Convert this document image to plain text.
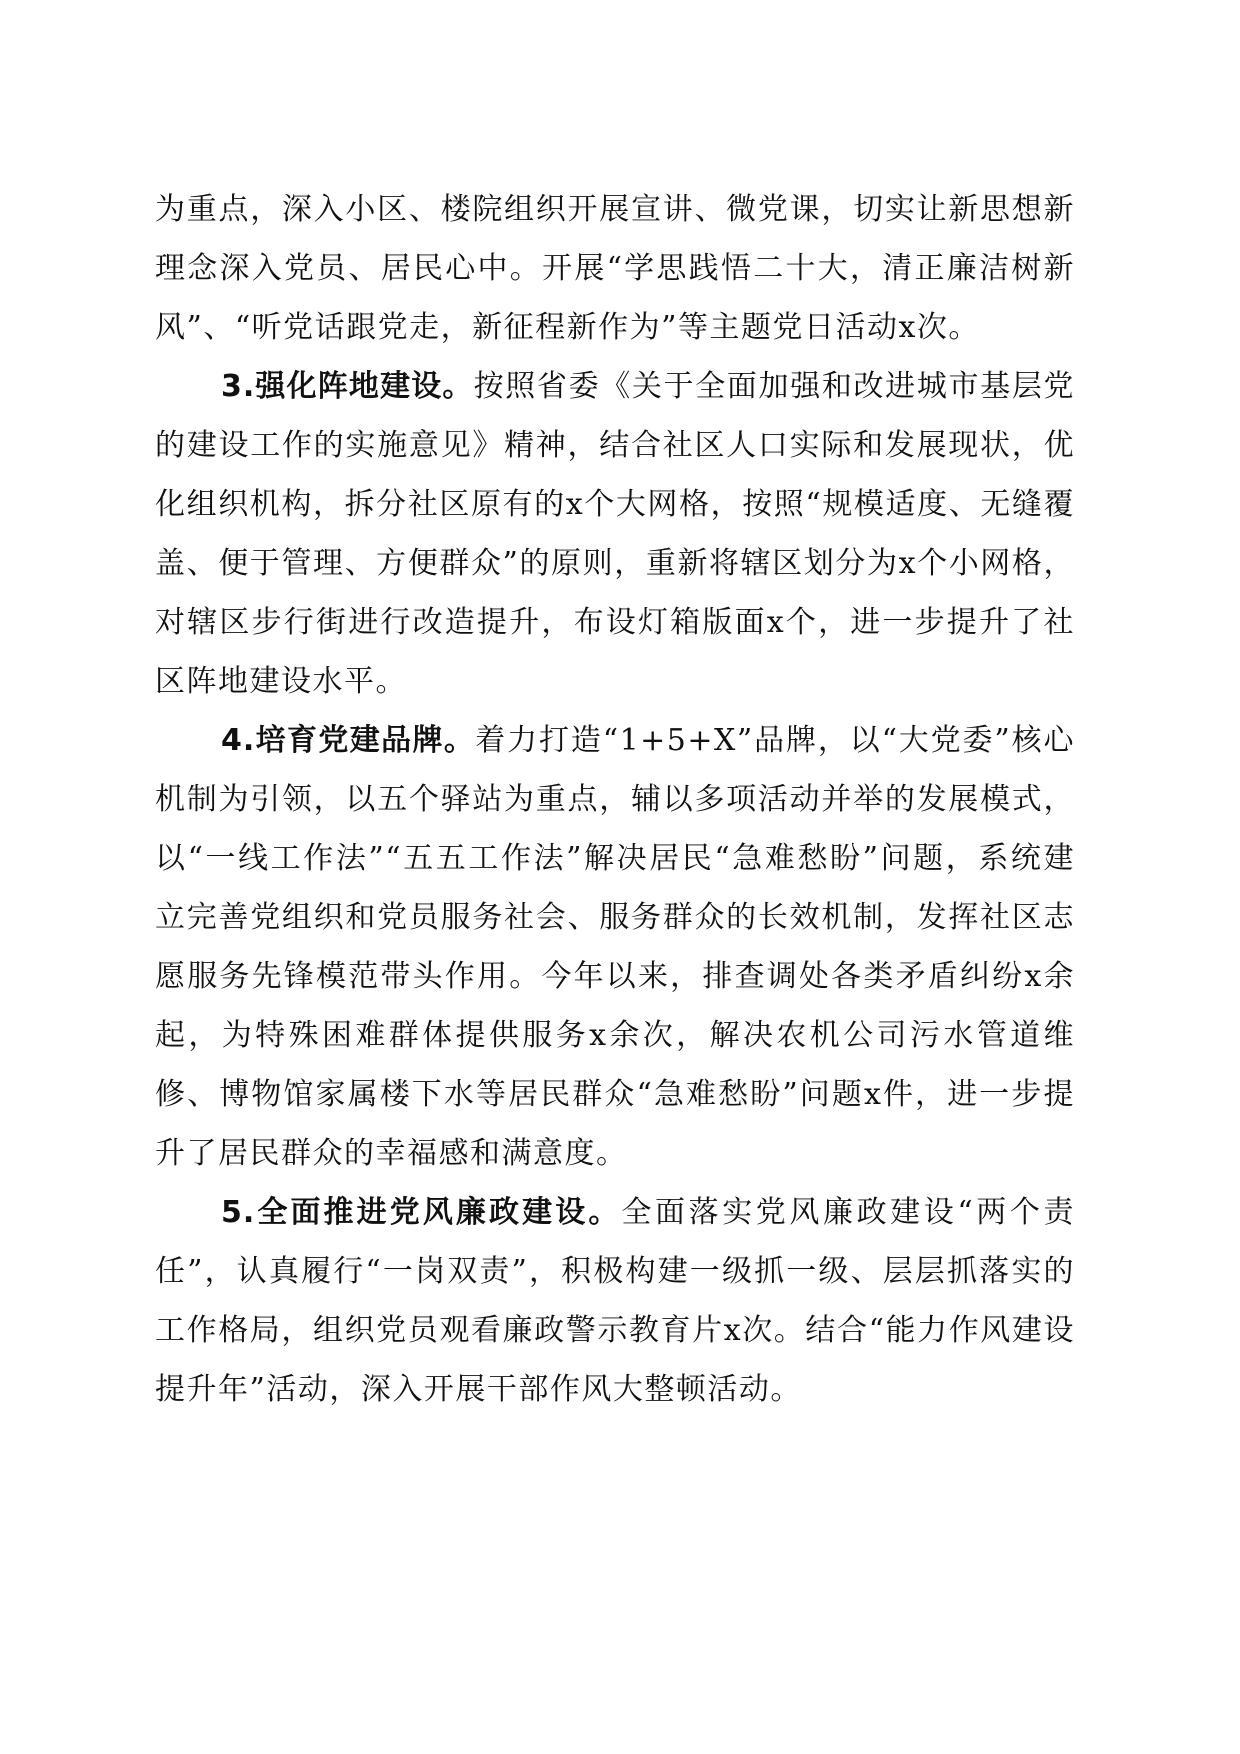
为重点，深入小区、楼院组织开展宣讲、微党课，切实让新思想新理念深入党员、居民心中。开展“学思践悟二十大，清正廉洁树新风”、“听党话跟党走，新征程新作为”等主题党日活动x次。

3.强化阵地建设。按照省委《关于全面加强和改进城市基层党的建设工作的实施意见》精神，结合社区人口实际和发展现状，优化组织机构，拆分社区原有的x个大网格，按照“规模适度、无缝覆盖、便于管理、方便群众”的原则，重新将辖区划分为x个小网格，对辖区步行街进行改造提升，布设灯箱版面x个，进一步提升了社区阵地建设水平。

4.培育党建品牌。着力打造“1+5+X”品牌，以“大党委”核心机制为引领，以五个驿站为重点，辅以多项活动并举的发展模式，以“一线工作法”“五五工作法”解决居民“急难愁盼”问题，系统建立完善党组织和党员服务社会、服务群众的长效机制，发挥社区志愿服务先锋模范带头作用。今年以来，排查调处各类矛盾纠纷x余起，为特殊困难群体提供服务x余次，解决农机公司污水管道维修、博物馆家属楼下水等居民群众“急难愁盼”问题x件，进一步提升了居民群众的幸福感和满意度。

5.全面推进党风廉政建设。全面落实党风廉政建设“两个责任”，认真履行“一岗双责”，积极构建一级抓一级、层层抓落实的工作格局，组织党员观看廉政警示教育片x次。结合“能力作风建设提升年”活动，深入开展干部作风大整顿活动。
